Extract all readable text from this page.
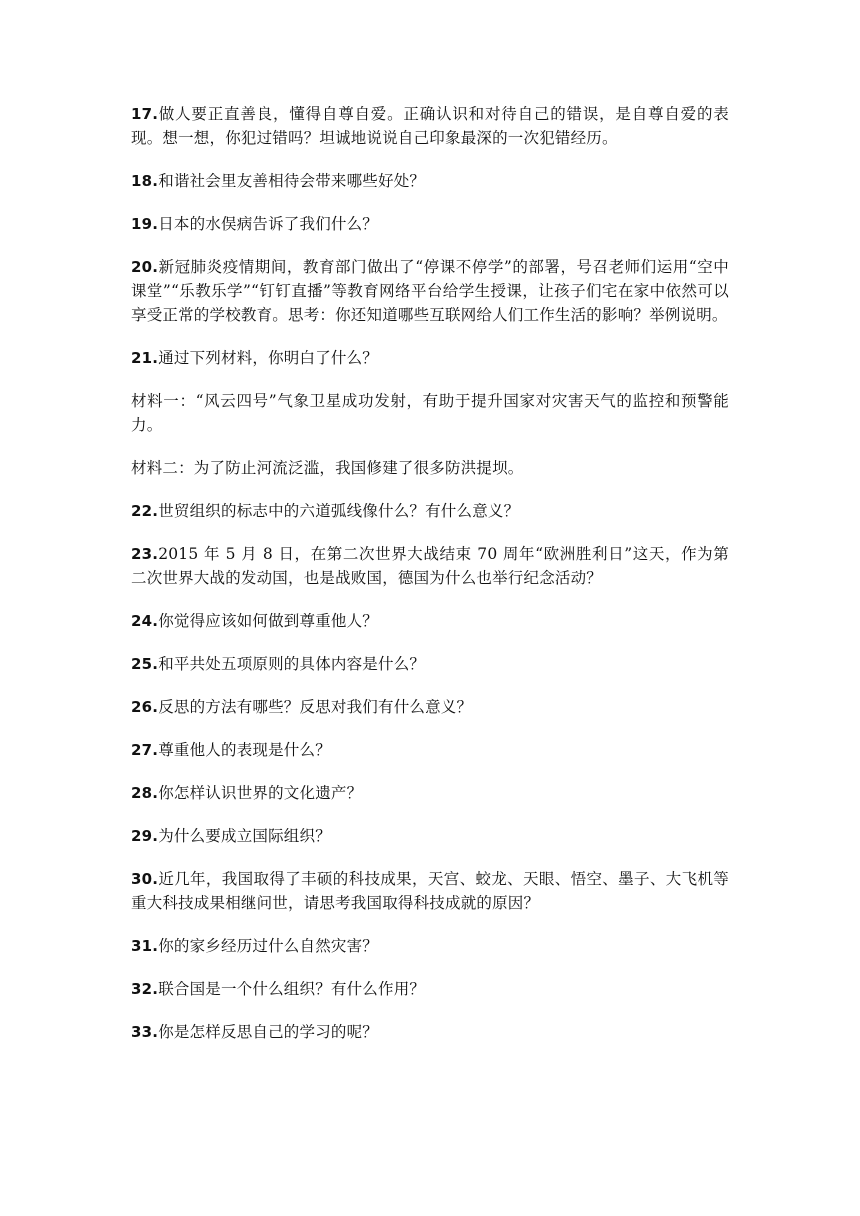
17.做人要正直善良，懂得自尊自爱。正确认识和对待自己的错误，是自尊自爱的表现。想一想，你犯过错吗？坦诚地说说自己印象最深的一次犯错经历。

18.和谐社会里友善相待会带来哪些好处？

19.日本的水俣病告诉了我们什么？

20.新冠肺炎疫情期间，教育部门做出了“停课不停学”的部署，号召老师们运用“空中课堂”“乐教乐学”“钉钉直播”等教育网络平台给学生授课，让孩子们宅在家中依然可以享受正常的学校教育。思考：你还知道哪些互联网给人们工作生活的影响？举例说明。

21.通过下列材料，你明白了什么？

材料一：“风云四号”气象卫星成功发射，有助于提升国家对灾害天气的监控和预警能力。

材料二：为了防止河流泛滥，我国修建了很多防洪提坝。

22.世贸组织的标志中的六道弧线像什么？有什么意义？

23.2015 年 5 月 8 日，在第二次世界大战结束 70 周年“欧洲胜利日”这天，作为第二次世界大战的发动国，也是战败国，德国为什么也举行纪念活动？

24.你觉得应该如何做到尊重他人？

25.和平共处五项原则的具体内容是什么？

26.反思的方法有哪些？反思对我们有什么意义？

27.尊重他人的表现是什么？

28.你怎样认识世界的文化遗产？

29.为什么要成立国际组织？

30.近几年，我国取得了丰硕的科技成果，天宫、蛟龙、天眼、悟空、墨子、大飞机等重大科技成果相继问世，请思考我国取得科技成就的原因？

31.你的家乡经历过什么自然灾害？

32.联合国是一个什么组织？有什么作用？

33.你是怎样反思自己的学习的呢？
